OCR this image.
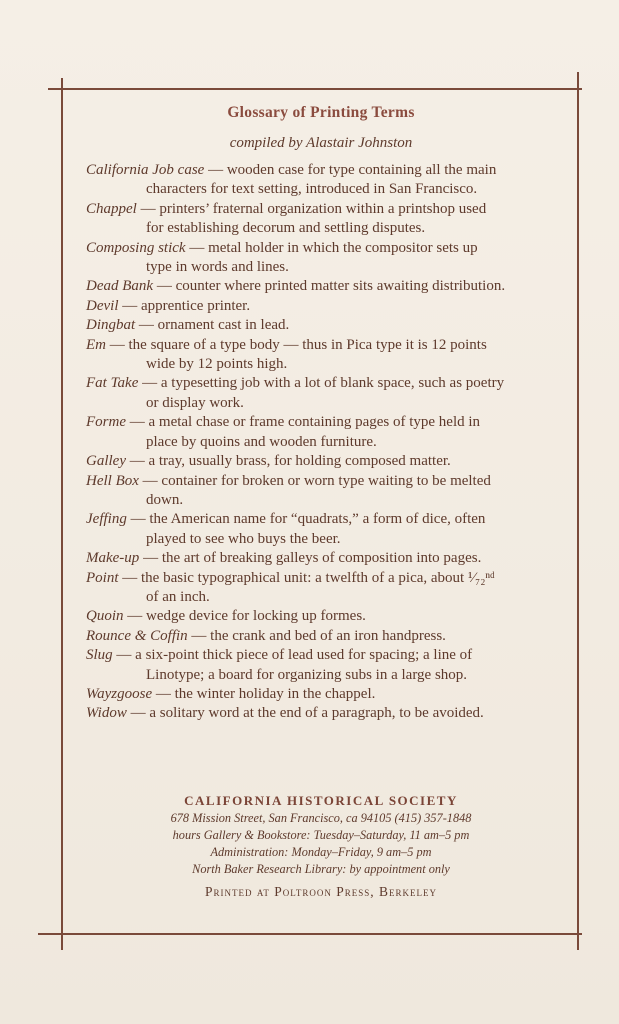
Glossary of Printing Terms
compiled by Alastair Johnston
California Job case — wooden case for type containing all the main
characters for text setting, introduced in San Francisco.
Chappel — printers’ fraternal organization within a printshop used
for establishing decorum and settling disputes.
Composing stick — metal holder in which the compositor sets up
type in words and lines.
Dead Bank — counter where printed matter sits awaiting distribution.
Devil — apprentice printer.
Dingbat — ornament cast in lead.
Em — the square of a type body — thus in Pica type it is 12 points
wide by 12 points high.
Fat Take — a typesetting job with a lot of blank space, such as poetry
or display work.
Forme — a metal chase or frame containing pages of type held in
place by quoins and wooden furniture.
Galley — a tray, usually brass, for holding composed matter.
Hell Box — container for broken or worn type waiting to be melted
down.
Jeffing — the American name for “quadrats,” a form of dice, often
played to see who buys the beer.
Make-up — the art of breaking galleys of composition into pages.
Point — the basic typographical unit: a twelfth of a pica, about ¹⁄₇₂ⁿᵈ
of an inch.
Quoin — wedge device for locking up formes.
Rounce & Coffin — the crank and bed of an iron handpress.
Slug — a six-point thick piece of lead used for spacing; a line of
Linotype; a board for organizing subs in a large shop.
Wayzgoose — the winter holiday in the chappel.
Widow — a solitary word at the end of a paragraph, to be avoided.
CALIFORNIA HISTORICAL SOCIETY
678 Mission Street, San Francisco, ca 94105 (415) 357-1848
hours Gallery & Bookstore: Tuesday–Saturday, 11 am–5 pm
Administration: Monday–Friday, 9 am–5 pm
North Baker Research Library: by appointment only
Printed at Poltroon Press, Berkeley
